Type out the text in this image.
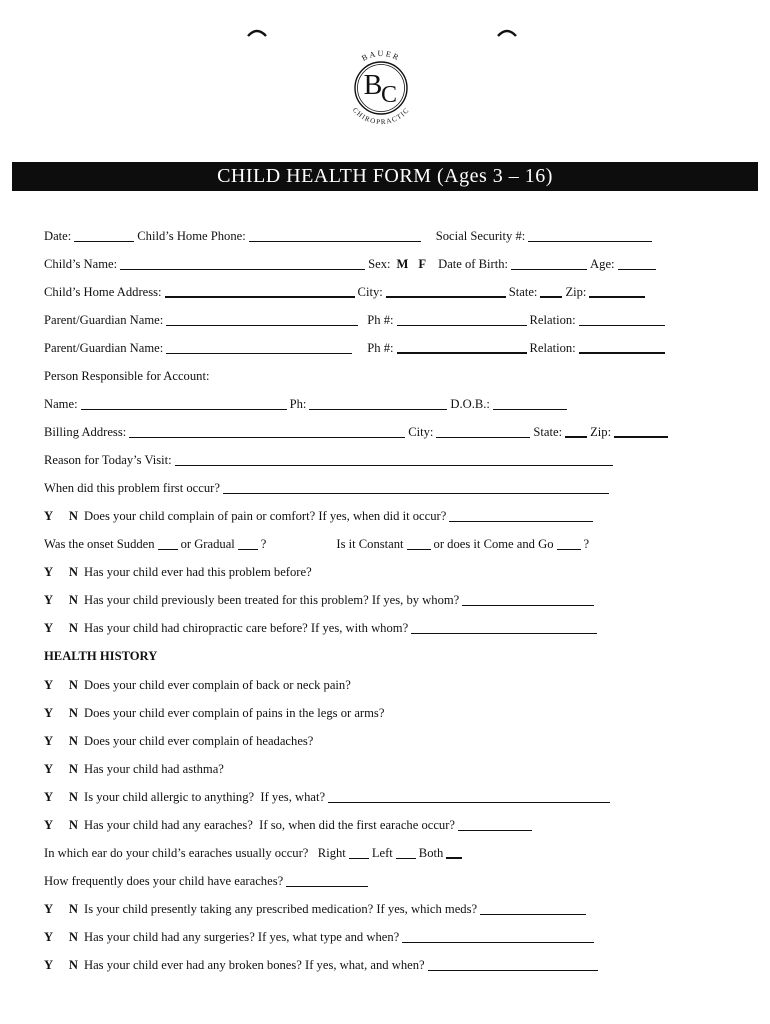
BAUER
CHIROPRACTIC
B
C
CHILD HEALTH FORM (Ages 3 – 16)
Date:	Child’s Home Phone:	Social Security #:
Child’s Name:	Sex: M F Date of Birth:	Age:
Child’s Home Address:	City:	State: Zip:
Parent/Guardian Name:	Ph #:	Relation:
Parent/Guardian Name:	Ph #:	Relation:
Person Responsible for Account:
Name:	Ph:	D.O.B.:
Billing Address:	City:	State: Zip:
Reason for Today’s Visit:
When did this problem first occur?
Y N Does your child complain of pain or comfort? If yes, when did it occur?
Was the onset Sudden or Gradual ?	Is it Constant or does it Come and Go ?
Y N Has your child ever had this problem before?
Y N Has your child previously been treated for this problem? If yes, by whom?
Y N Has your child had chiropractic care before? If yes, with whom?
HEALTH HISTORY
Y N Does your child ever complain of back or neck pain?
Y N Does your child ever complain of pains in the legs or arms?
Y N Does your child ever complain of headaches?
Y N Has your child had asthma?
Y N Is your child allergic to anything?  If yes, what?
Y N Has your child had any earaches?  If so, when did the first earache occur?
In which ear do your child’s earaches usually occur?   Right Left Both
How frequently does your child have earaches?
Y N Is your child presently taking any prescribed medication? If yes, which meds?
Y N Has your child had any surgeries? If yes, what type and when?
Y N Has your child ever had any broken bones? If yes, what, and when?
